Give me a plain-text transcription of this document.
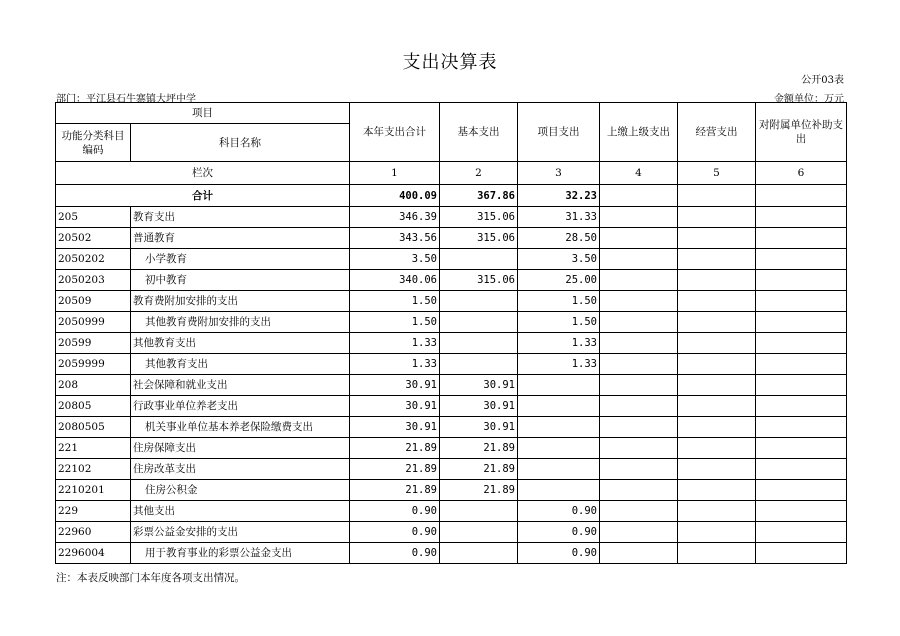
支出决算表
公开03表
部门：平江县石牛寨镇大坪中学	金额单位：万元
项目		本年支出合计	基本支出	项目支出	上缴上级支出	经营支出	对附属单位补助支出
功能分类科目编码	科目名称						
栏次		1	2	3	4	5	6
合计		400.09	367.86	32.23			
205	教育支出	346.39	315.06	31.33			
20502	普通教育	343.56	315.06	28.50			
2050202	小学教育	3.50		3.50			
2050203	初中教育	340.06	315.06	25.00			
20509	教育费附加安排的支出	1.50		1.50			
2050999	其他教育费附加安排的支出	1.50		1.50			
20599	其他教育支出	1.33		1.33			
2059999	其他教育支出	1.33		1.33			
208	社会保障和就业支出	30.91	30.91				
20805	行政事业单位养老支出	30.91	30.91				
2080505	机关事业单位基本养老保险缴费支出	30.91	30.91				
221	住房保障支出	21.89	21.89				
22102	住房改革支出	21.89	21.89				
2210201	住房公积金	21.89	21.89				
229	其他支出	0.90		0.90			
22960	彩票公益金安排的支出	0.90		0.90			
2296004	用于教育事业的彩票公益金支出	0.90		0.90			
注：本表反映部门本年度各项支出情况。
